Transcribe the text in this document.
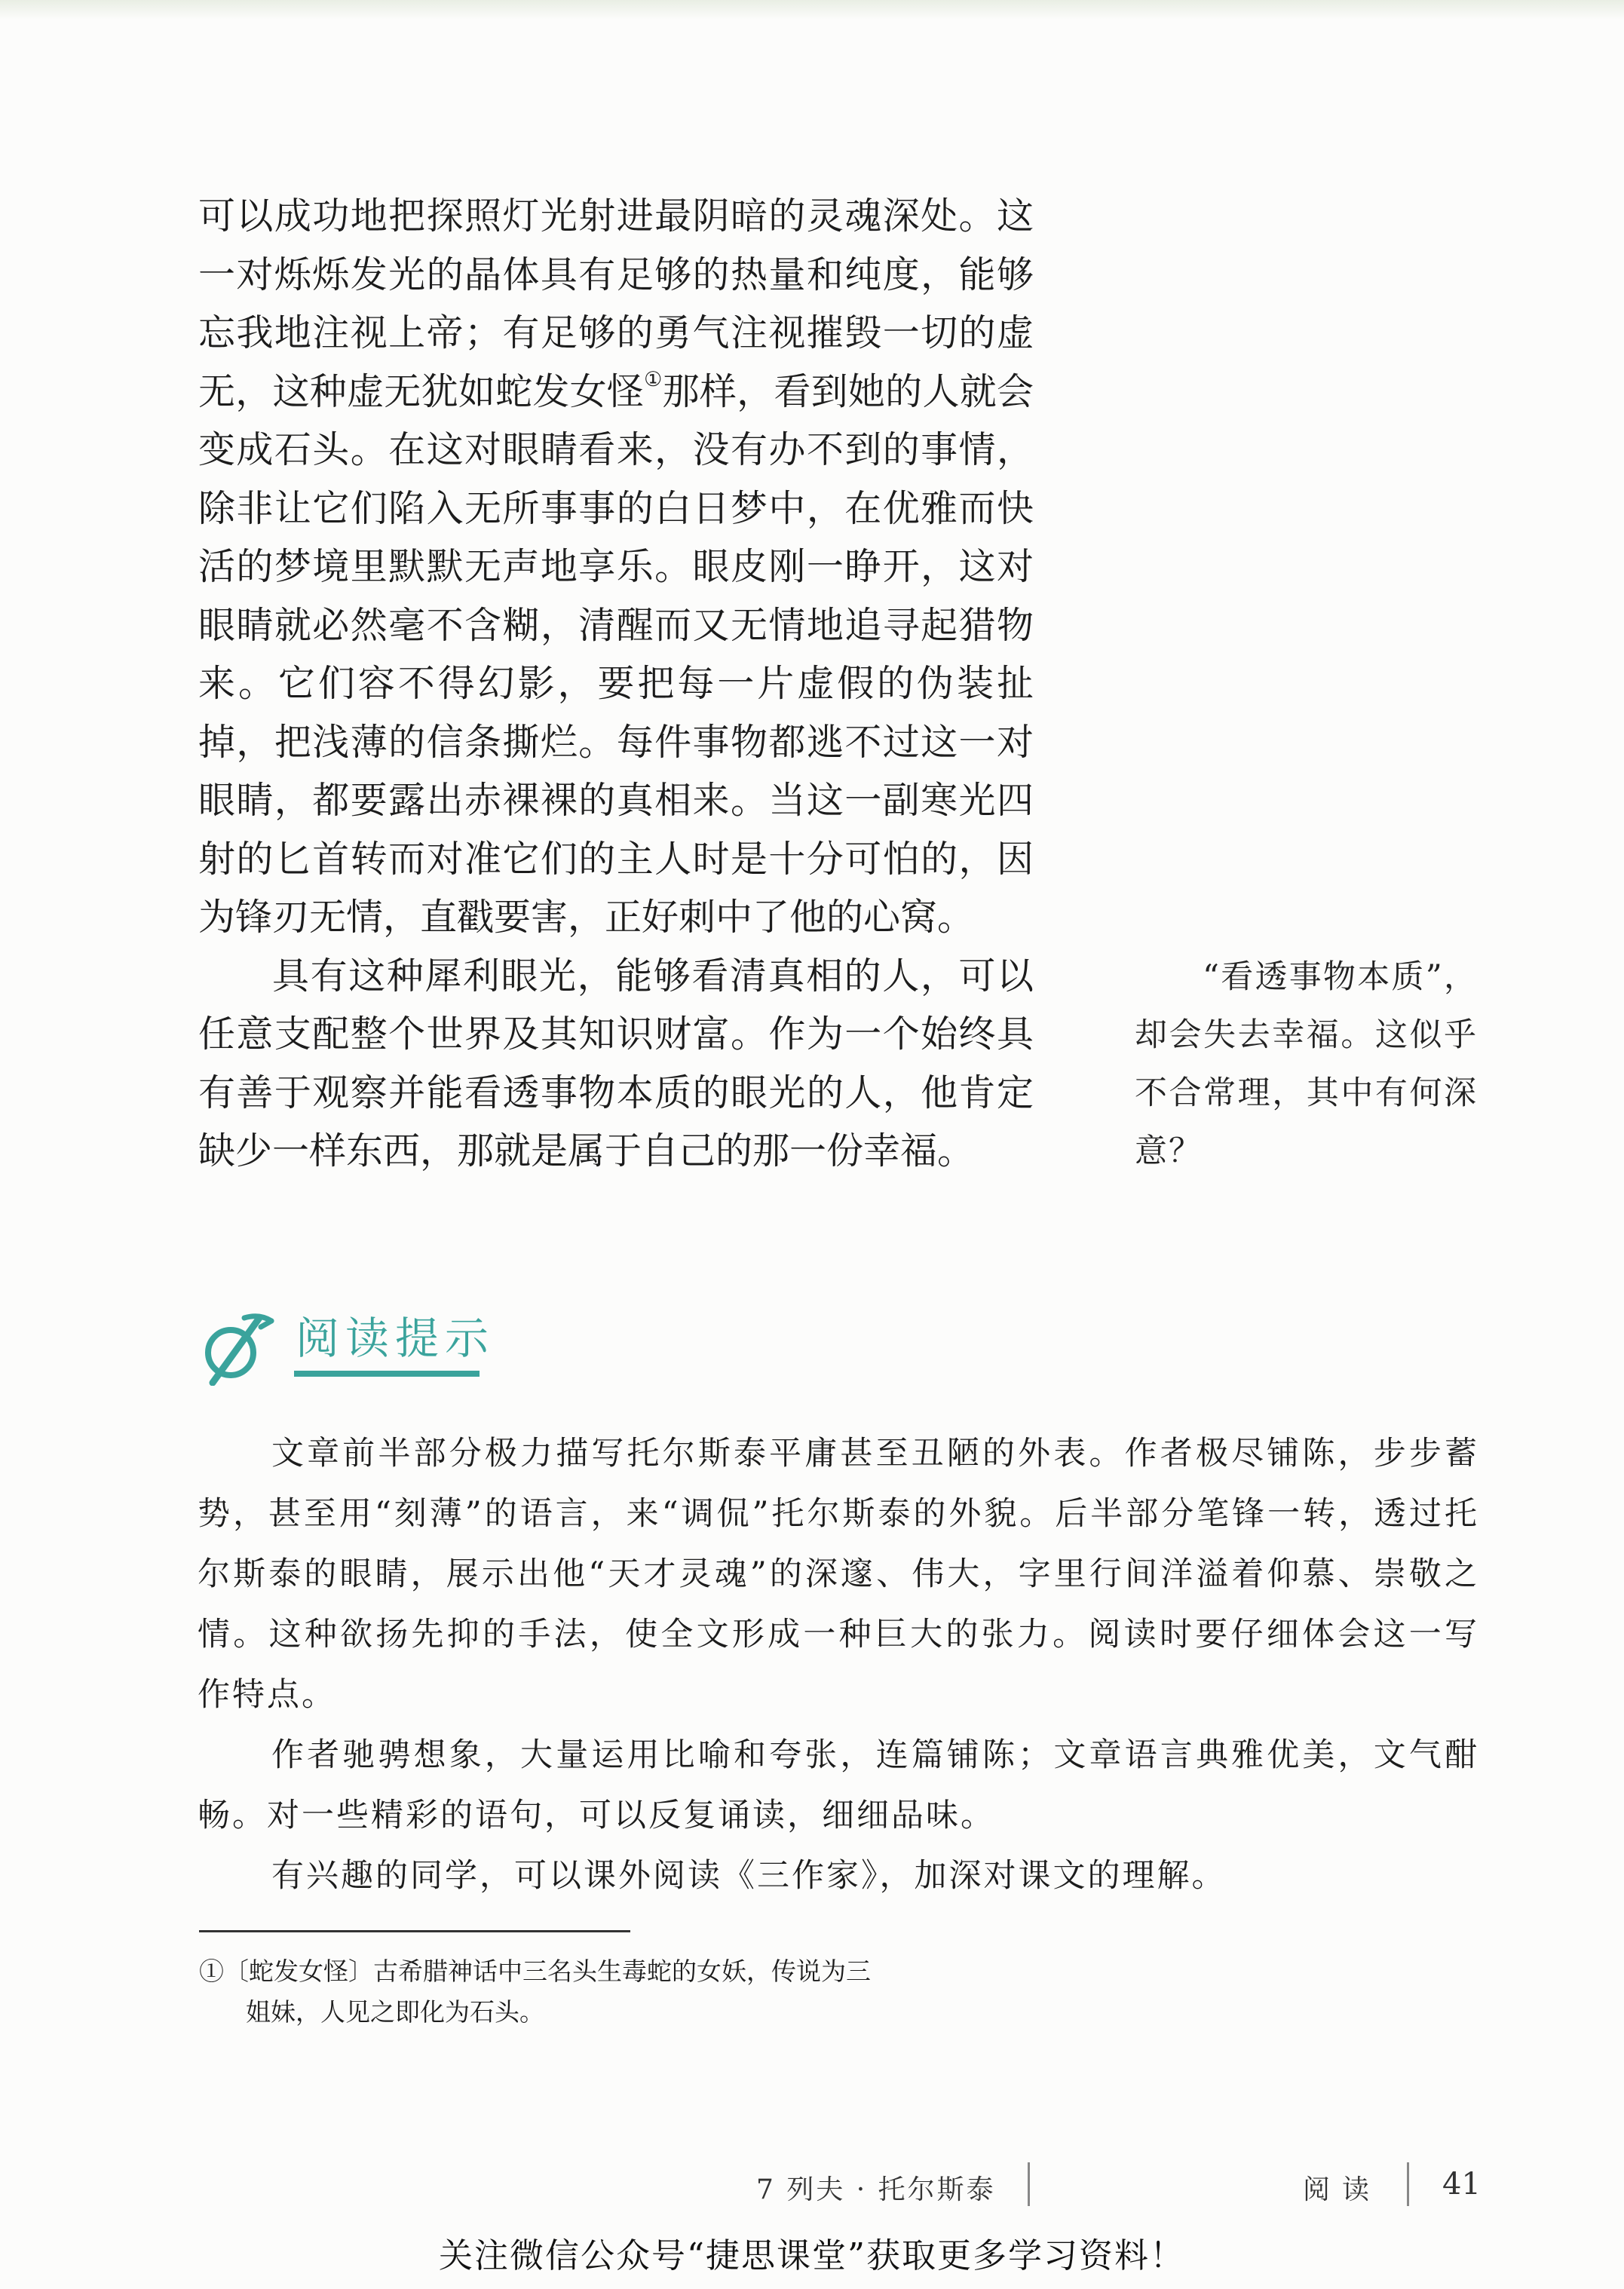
可以成功地把探照灯光射进最阴暗的灵魂深处。这一对烁烁发光的晶体具有足够的热量和纯度，能够忘我地注视上帝；有足够的勇气注视摧毁一切的虚无，这种虚无犹如蛇发女怪①那样，看到她的人就会变成石头。在这对眼睛看来，没有办不到的事情，除非让它们陷入无所事事的白日梦中，在优雅而快活的梦境里默默无声地享乐。眼皮刚一睁开，这对眼睛就必然毫不含糊，清醒而又无情地追寻起猎物来。它们容不得幻影，要把每一片虚假的伪装扯掉，把浅薄的信条撕烂。每件事物都逃不过这一对眼睛，都要露出赤裸裸的真相来。当这一副寒光四射的匕首转而对准它们的主人时是十分可怕的，因为锋刃无情，直戳要害，正好刺中了他的心窝。

具有这种犀利眼光，能够看清真相的人，可以任意支配整个世界及其知识财富。作为一个始终具有善于观察并能看透事物本质的眼光的人，他肯定缺少一样东西，那就是属于自己的那一份幸福。

“看透事物本质”，却会失去幸福。这似乎不合常理，其中有何深意？

阅读提示

文章前半部分极力描写托尔斯泰平庸甚至丑陋的外表。作者极尽铺陈，步步蓄势，甚至用“刻薄”的语言，来“调侃”托尔斯泰的外貌。后半部分笔锋一转，透过托尔斯泰的眼睛，展示出他“天才灵魂”的深邃、伟大，字里行间洋溢着仰慕、崇敬之情。这种欲扬先抑的手法，使全文形成一种巨大的张力。阅读时要仔细体会这一写作特点。

作者驰骋想象，大量运用比喻和夸张，连篇铺陈；文章语言典雅优美，文气酣畅。对一些精彩的语句，可以反复诵读，细细品味。

有兴趣的同学，可以课外阅读《三作家》，加深对课文的理解。

①〔蛇发女怪〕古希腊神话中三名头生毒蛇的女妖，传说为三姐妹，人见之即化为石头。

7 列夫 · 托尔斯泰	阅读 41
关注微信公众号“捷思课堂”获取更多学习资料！
